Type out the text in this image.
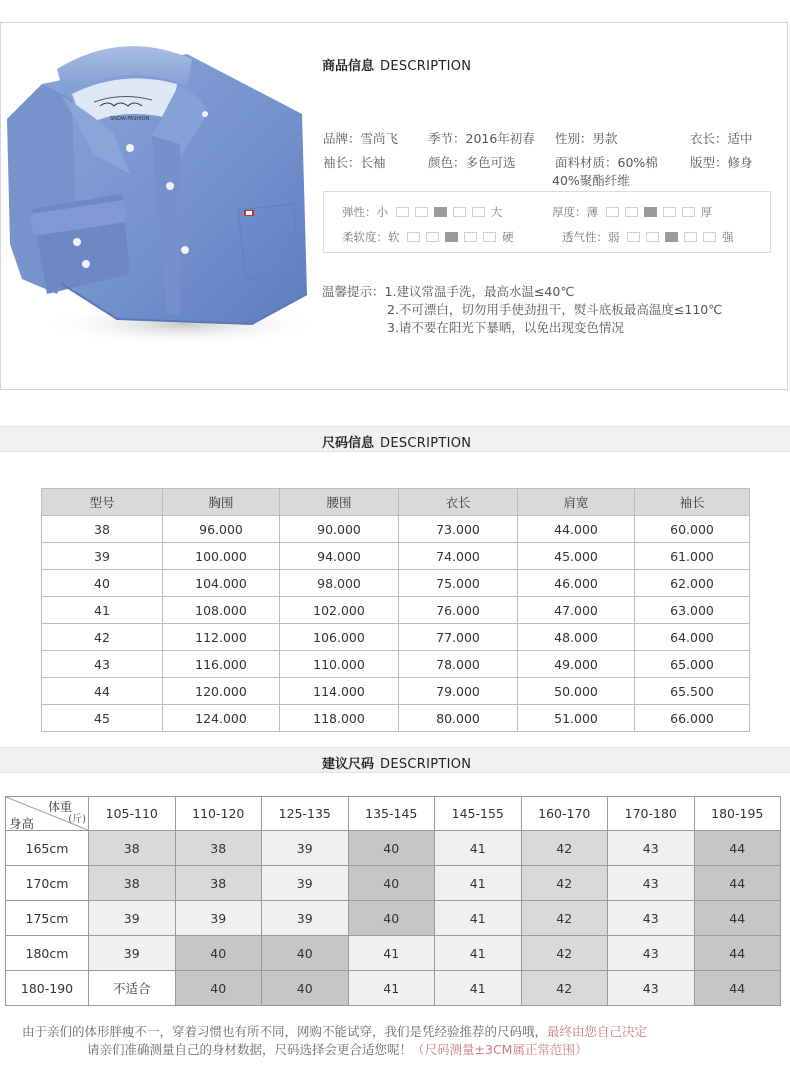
SNOW-FASHION
商品信息 DESCRIPTION
品牌：雪尚飞 季节：2016年初春 性别：男款	衣长：适中
袖长：长袖	颜色：多色可选	面料材质：60%棉
40%聚酯纤维
版型：修身
弹性：小	大	厚度：薄	厚
柔软度：软	硬	透气性：弱	强
温馨提示：1.建议常温手洗，最高水温≤40℃
2.不可漂白，切勿用手使劲扭干，熨斗底板最高温度≤110℃
3.请不要在阳光下暴晒，以免出现变色情况
尺码信息 DESCRIPTION
型号	胸围	腰围	衣长	肩宽	袖长
38	96.000	90.000	73.000	44.000	60.000
39	100.000	94.000	74.000	45.000	61.000
40	104.000	98.000	75.000	46.000	62.000
41	108.000	102.000	76.000	47.000	63.000
42	112.000	106.000	77.000	48.000	64.000
43	116.000	110.000	78.000	49.000	65.000
44	120.000	114.000	79.000	50.000	65.500
45	124.000	118.000	80.000	51.000	66.000
建议尺码 DESCRIPTION
体重
(斤)
身高	105-110	110-120	125-135	135-145	145-155	160-170	170-180	180-195
165cm	38	38	39	40	41	42	43	44
170cm	38	38	39	40	41	42	43	44
175cm	39	39	39	40	41	42	43	44
180cm	39	40	40	41	41	42	43	44
180-190	不适合	40	40	41	41	42	43	44
由于亲们的体形胖瘦不一，穿着习惯也有所不同，网购不能试穿，我们是凭经验推荐的尺码哦，最终由您自己决定
请亲们准确测量自己的身材数据，尺码选择会更合适您呢！（尺码测量±3CM属正常范围）
